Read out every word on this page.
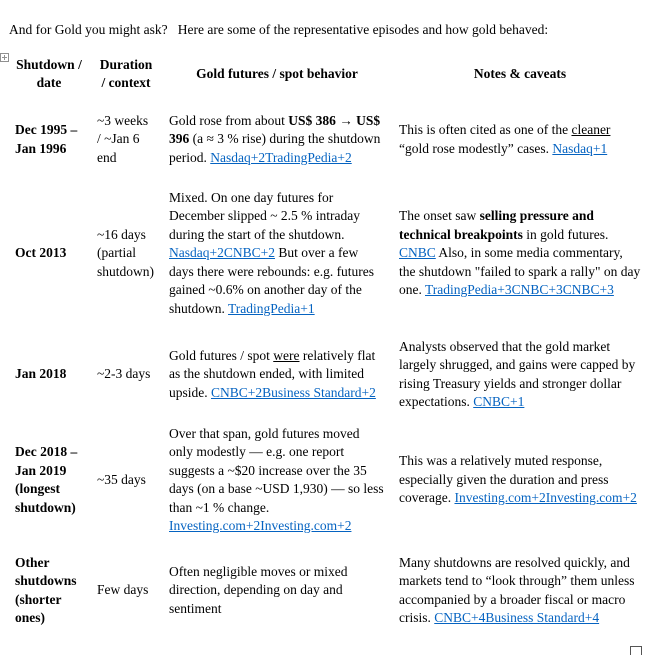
And for Gold you might ask?   Here are some of the representative episodes and how gold behaved:

Shutdown / date	Duration / context	Gold futures / spot behavior	Notes & caveats
Dec 1995 – Jan 1996	~3 weeks / ~Jan 6 end	Gold rose from about US$ 386 → US$ 396 (a ≈ 3 % rise) during the shutdown period. Nasdaq+2TradingPedia+2	This is often cited as one of the cleaner “gold rose modestly” cases. Nasdaq+1
Oct 2013	~16 days (partial shutdown)	Mixed. On one day futures for December slipped ~ 2.5 % intraday during the start of the shutdown. Nasdaq+2CNBC+2 But over a few days there were rebounds: e.g. futures gained ~0.6% on another day of the shutdown. TradingPedia+1	The onset saw selling pressure and technical breakpoints in gold futures. CNBC Also, in some media commentary, the shutdown "failed to spark a rally" on day one. TradingPedia+3CNBC+3CNBC+3
Jan 2018	~2-3 days	Gold futures / spot were relatively flat as the shutdown ended, with limited upside. CNBC+2Business Standard+2	Analysts observed that the gold market largely shrugged, and gains were capped by rising Treasury yields and stronger dollar expectations. CNBC+1
Dec 2018 – Jan 2019 (longest shutdown)	~35 days	Over that span, gold futures moved only modestly — e.g. one report suggests a ~$20 increase over the 35 days (on a base ~USD 1,930) — so less than ~1 % change. Investing.com+2Investing.com+2	This was a relatively muted response, especially given the duration and press coverage. Investing.com+2Investing.com+2
Other shutdowns (shorter ones)	Few days	Often negligible moves or mixed direction, depending on day and sentiment	Many shutdowns are resolved quickly, and markets tend to “look through” them unless accompanied by a broader fiscal or macro crisis. CNBC+4Business Standard+4
